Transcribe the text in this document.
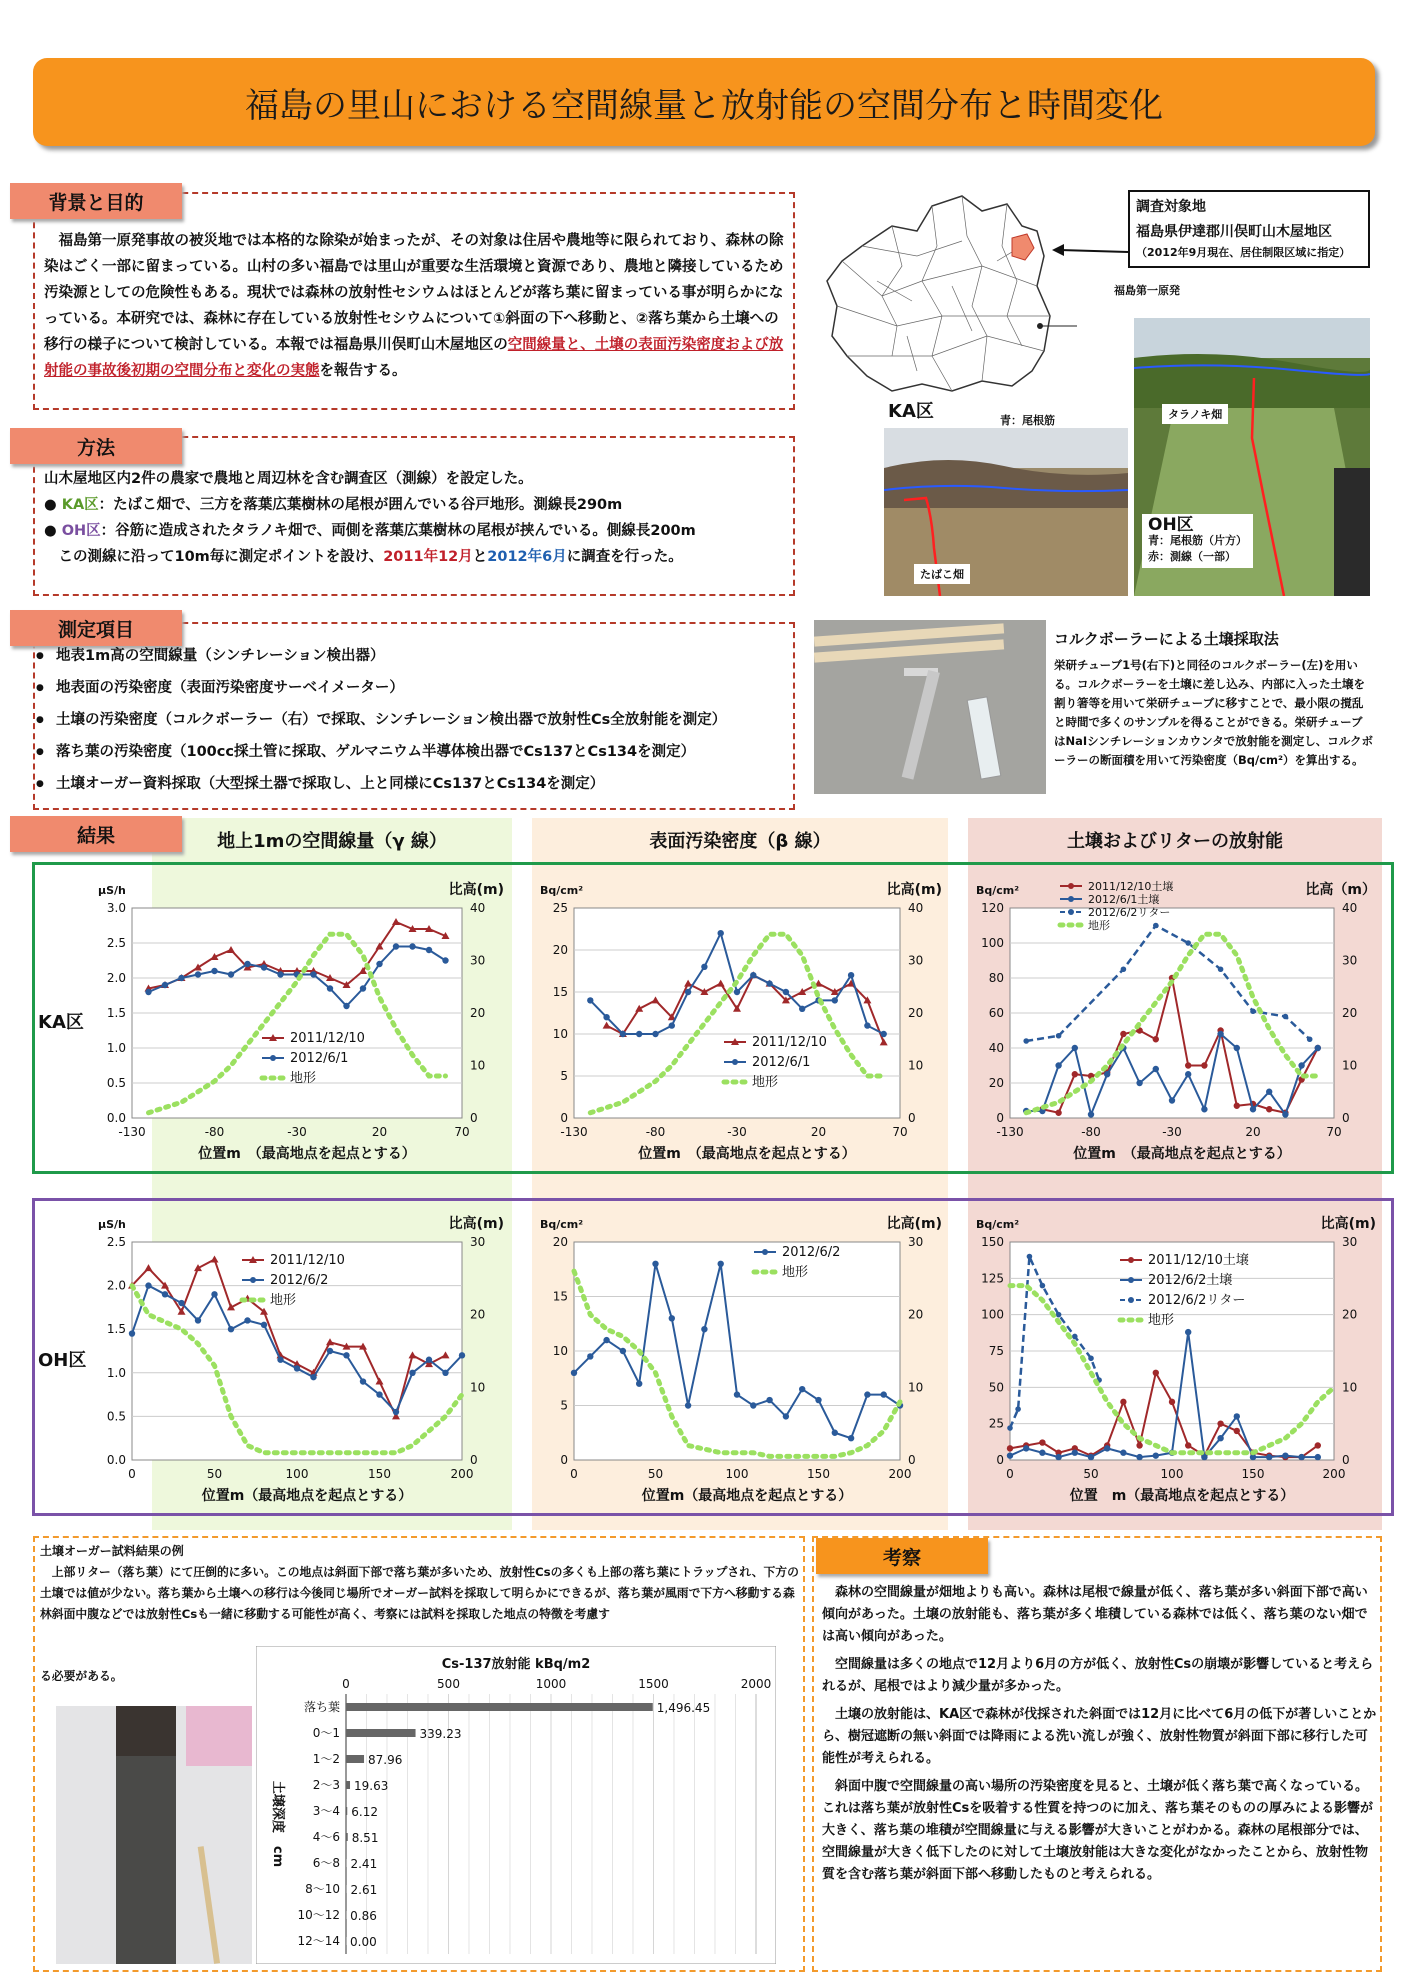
福島の里山における空間線量と放射能の空間分布と時間変化
背景と目的
福島第一原発事故の被災地では本格的な除染が始まったが、その対象は住居や農地等に限られており、森林の除染はごく一部に留まっている。山村の多い福島では里山が重要な生活環境と資源であり、農地と隣接しているため汚染源としての危険性もある。現状では森林の放射性セシウムはほとんどが落ち葉に留まっている事が明らかになっている。本研究では、森林に存在している放射性セシウムについて①斜面の下へ移動と、②落ち葉から土壌への移行の様子について検討している。本報では福島県川俣町山木屋地区の空間線量と、土壌の表面汚染密度および放射能の事故後初期の空間分布と変化の実態を報告する。
調査対象地
福島県伊達郡川俣町山木屋地区
（2012年9月現在、居住制限区域に指定）
福島第一原発
方法
山木屋地区内2件の農家で農地と周辺林を含む調査区（測線）を設定した。
● KA区：たばこ畑で、三方を落葉広葉樹林の尾根が囲んでいる谷戸地形。測線長290m
● OH区：谷筋に造成されたタラノキ畑で、両側を落葉広葉樹林の尾根が挟んでいる。側線長200m
この測線に沿って10m毎に測定ポイントを設け、2011年12月と2012年6月に調査を行った。
KA区	青：尾根筋
たばこ畑
タラノキ畑
OH区
青：尾根筋（片方）
赤：測線（一部）
測定項目
● 地表1m高の空間線量（シンチレーション検出器）
● 地表面の汚染密度（表面汚染密度サーベイメーター）
● 土壌の汚染密度（コルクボーラー（右）で採取、シンチレーション検出器で放射性Cs全放射能を測定）
● 落ち葉の汚染密度（100cc採土管に採取、ゲルマニウム半導体検出器でCs137とCs134を測定）
● 土壌オーガー資料採取（大型採土器で採取し、上と同様にCs137とCs134を測定）
コルクボーラーによる土壌採取法
栄研チューブ1号(右下)と同径のコルクボーラー(左)を用いる。コルクボーラーを土壌に差し込み、内部に入った土壌を割り箸等を用いて栄研チューブに移すことで、最小限の撹乱と時間で多くのサンプルを得ることができる。栄研チューブはNaIシンチレーションカウンタで放射能を測定し、コルクボーラーの断面積を用いて汚染密度（Bq/cm²）を算出する。
地上1mの空間線量（γ 線）	表面汚染密度（β 線）	土壌およびリターの放射能
結果
KA区
OH区
0.0
0.5
1.0
1.5
2.0
2.5
3.0
0
10
20
30
40
-130	-80	-30	20	70
µS/h	比高(m)
位置m　（最高地点を起点とする）
2011/12/10
2012/6/1
地形
0
5
10
15
20
25
0
10
20
30
40
-130	-80	-30	20	70
Bq/cm²	比高(m)
位置m　（最高地点を起点とする）
2011/12/10
2012/6/1
地形
0
20
40
60
80
100
120
0
10
20
30
40
-130	-80	-30	20	70
Bq/cm²	比高（m）
位置m　（最高地点を起点とする）
2011/12/10土壌
2012/6/1土壌
2012/6/2リター
地形
0.0
0.5
1.0
1.5
2.0
2.5
0
10
20
30
0	50	100	150	200
µS/h	比高(m)
位置m（最高地点を起点とする）
2011/12/10
2012/6/2
地形
0
5
10
15
20
0
10
20
30
0	50	100	150	200
Bq/cm²	比高(m)
位置m（最高地点を起点とする）
2012/6/2
地形
0
25
50
75
100
125
150
0
10
20
30
0	50	100	150	200
Bq/cm²	比高(m)
位置　m（最高地点を起点とする）
2011/12/10土壌
2012/6/2土壌
2012/6/2リター
地形
土壌オーガー試料結果の例
上部リター（落ち葉）にて圧倒的に多い。この地点は斜面下部で落ち葉が多いため、放射性Csの多くも上部の落ち葉にトラップされ、下方の土壌では値が少ない。落ち葉から土壌への移行は今後同じ場所でオーガー試料を採取して明らかにできるが、落ち葉が風雨で下方へ移動する森林斜面中腹などでは放射性Csも一緒に移動する可能性が高く、考察には試料を採取した地点の特徴を考慮す
る必要がある。
Cs-137放射能 kBq/m2
0	500	1000	1500	2000
落ち葉	1,496.45
0～1	339.23
1～2 87.96
2～3 19.63
3～4 6.12
4～6 8.51
6～8 2.41
8～10 2.61
10～12 0.86
12～14 0.00
土壌深度　cm
考察

森林の空間線量が畑地よりも高い。森林は尾根で線量が低く、落ち葉が多い斜面下部で高い傾向があった。土壌の放射能も、落ち葉が多く堆積している森林では低く、落ち葉のない畑では高い傾向があった。

空間線量は多くの地点で12月より6月の方が低く、放射性Csの崩壊が影響していると考えられるが、尾根ではより減少量が多かった。

土壌の放射能は、KA区で森林が伐採された斜面では12月に比べて6月の低下が著しいことから、樹冠遮断の無い斜面では降雨による洗い流しが強く、放射性物質が斜面下部に移行した可能性が考えられる。

斜面中腹で空間線量の高い場所の汚染密度を見ると、土壌が低く落ち葉で高くなっている。これは落ち葉が放射性Csを吸着する性質を持つのに加え、落ち葉そのものの厚みによる影響が大きく、落ち葉の堆積が空間線量に与える影響が大きいことがわかる。森林の尾根部分では、空間線量が大きく低下したのに対して土壌放射能は大きな変化がなかったことから、放射性物質を含む落ち葉が斜面下部へ移動したものと考えられる。
